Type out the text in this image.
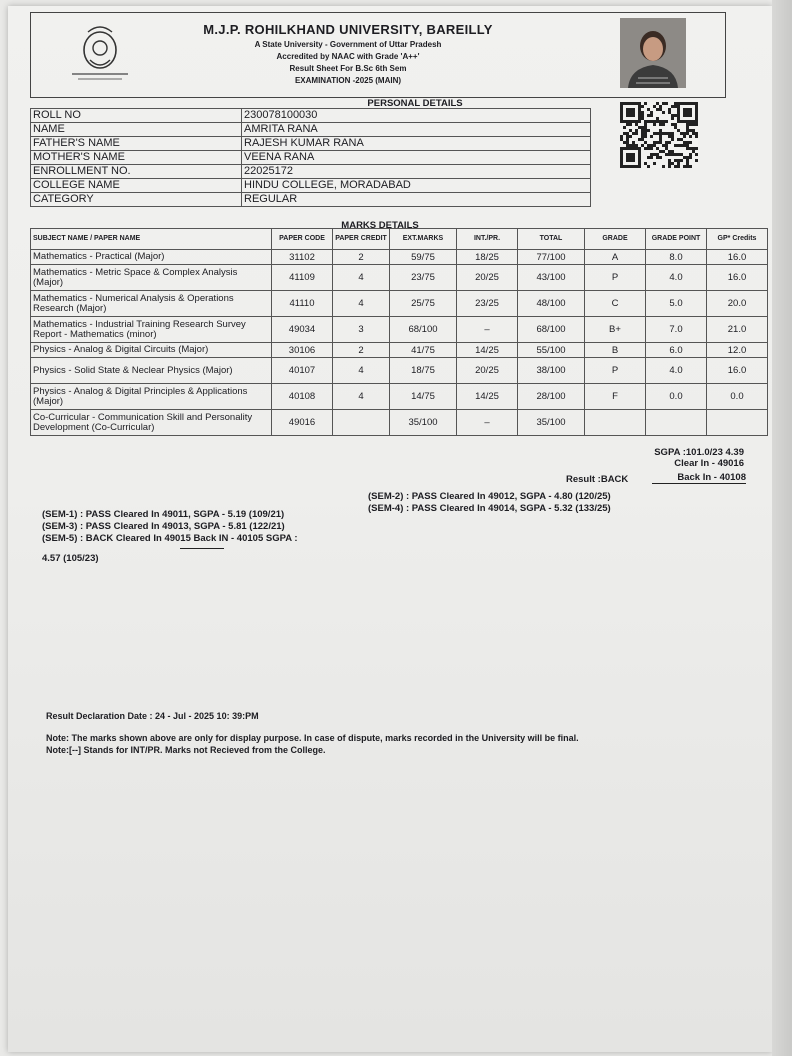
M.J.P. ROHILKHAND UNIVERSITY, BAREILLY
A State University - Government of Uttar Pradesh
Accredited by NAAC with Grade 'A++'
Result Sheet For B.Sc 6th Sem
EXAMINATION -2025 (MAIN)
PERSONAL DETAILS
ROLL NO	230078100030
NAME	AMRITA RANA
FATHER'S NAME	RAJESH KUMAR RANA
MOTHER'S NAME	VEENA RANA
ENROLLMENT NO.	22025172
COLLEGE NAME	HINDU COLLEGE, MORADABAD
CATEGORY	REGULAR
MARKS DETAILS
SUBJECT NAME / PAPER NAME	PAPER CODE	PAPER CREDIT	EXT.MARKS	INT./PR.	TOTAL	GRADE	GRADE POINT	GP* Credits
Mathematics - Practical (Major)	31102	2	59/75	18/25	77/100	A	8.0	16.0
Mathematics - Metric Space & Complex Analysis (Major)	41109	4	23/75	20/25	43/100	P	4.0	16.0
Mathematics - Numerical Analysis & Operations Research (Major)	41110	4	25/75	23/25	48/100	C	5.0	20.0
Mathematics - Industrial Training Research Survey Report - Mathematics (minor)	49034	3	68/100	–	68/100	B+	7.0	21.0
Physics - Analog & Digital Circuits (Major)	30106	2	41/75	14/25	55/100	B	6.0	12.0
Physics - Solid State & Neclear Physics (Major)	40107	4	18/75	20/25	38/100	P	4.0	16.0
Physics - Analog & Digital Principles & Applications (Major)	40108	4	14/75	14/25	28/100	F	0.0	0.0
Co-Curricular - Communication Skill and Personality Development (Co-Curricular)	49016		35/100	–	35/100			
SGPA :101.0/23 4.39
Clear In - 49016
Result :BACK	Back In - 40108
(SEM-1) : PASS Cleared In 49011, SGPA - 5.19 (109/21)
(SEM-3) : PASS Cleared In 49013, SGPA - 5.81 (122/21)
(SEM-5) : BACK Cleared In 49015 Back IN - 40105 SGPA :
4.57 (105/23)
(SEM-2) : PASS Cleared In 49012, SGPA - 4.80 (120/25)
(SEM-4) : PASS Cleared In 49014, SGPA - 5.32 (133/25)
Result Declaration Date : 24 - Jul - 2025 10: 39:PM
Note: The marks shown above are only for display purpose. In case of dispute, marks recorded in the University will be final.
Note:[--] Stands for INT/PR. Marks not Recieved from the College.
